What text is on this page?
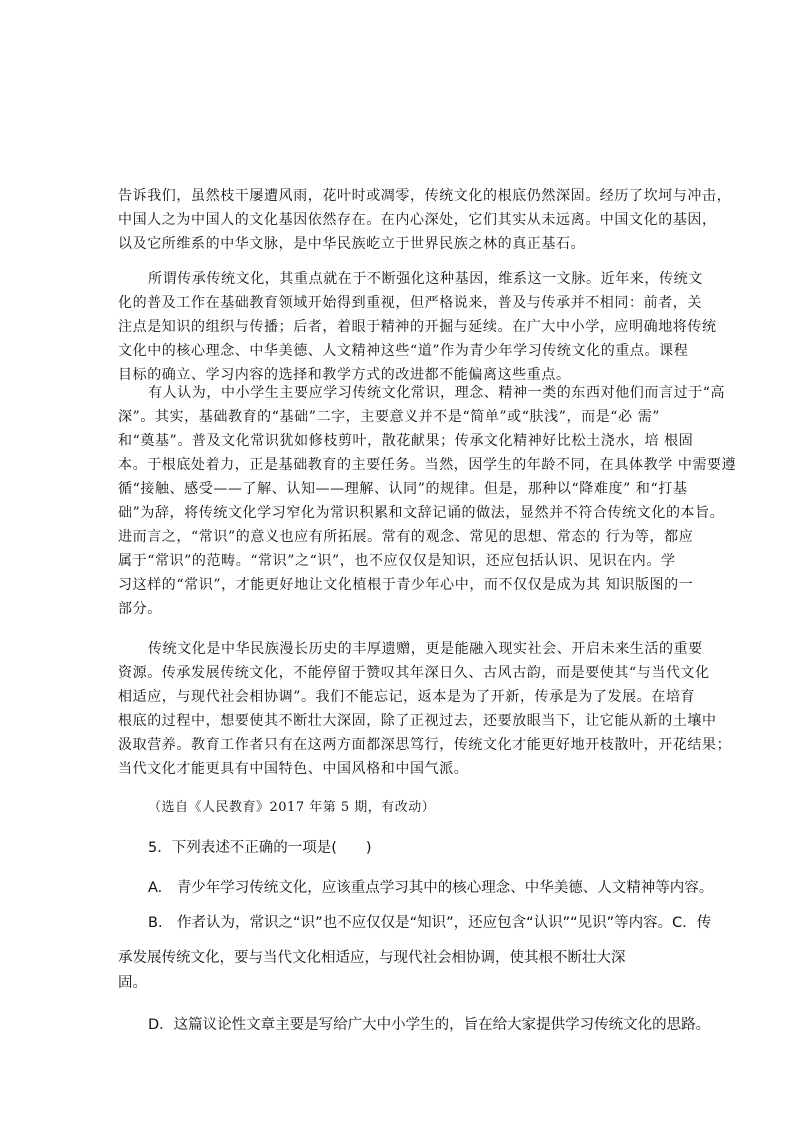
告诉我们，虽然枝干屡遭风雨，花叶时或凋零，传统文化的根底仍然深固。经历了坎坷与冲击，
中国人之为中国人的文化基因依然存在。在内心深处，它们其实从未远离。中国文化的基因，
以及它所维系的中华文脉，是中华民族屹立于世界民族之林的真正基石。
所谓传承传统文化，其重点就在于不断强化这种基因，维系这一文脉。近年来，传统文
化的普及工作在基础教育领域开始得到重视，但严格说来，普及与传承并不相同：前者，关
注点是知识的组织与传播；后者，着眼于精神的开掘与延续。在广大中小学，应明确地将传统
文化中的核心理念、中华美德、人文精神这些“道”作为青少年学习传统文化的重点。课程
目标的确立、学习内容的选择和教学方式的改进都不能偏离这些重点。
有人认为，中小学生主要应学习传统文化常识，理念、精神一类的东西对他们而言过于“高
深”。其实，基础教育的“基础”二字，主要意义并不是“简单”或“肤浅”，而是“必 需”
和“奠基”。普及文化常识犹如修枝剪叶，散花献果；传承文化精神好比松土浇水，培 根固
本。于根底处着力，正是基础教育的主要任务。当然，因学生的年龄不同，在具体教学 中需要遵
循“接触、感受——了解、认知——理解、认同”的规律。但是，那种以“降难度” 和“打基
础”为辞，将传统文化学习窄化为常识积累和文辞记诵的做法，显然并不符合传统文化的本旨。
进而言之，“常识”的意义也应有所拓展。常有的观念、常见的思想、常态的 行为等，都应
属于“常识”的范畴。“常识”之“识”，也不应仅仅是知识，还应包括认识、见识在内。学
习这样的“常识”，才能更好地让文化植根于青少年心中，而不仅仅是成为其 知识版图的一
部分。
传统文化是中华民族漫长历史的丰厚遗赠，更是能融入现实社会、开启未来生活的重要
资源。传承发展传统文化，不能停留于赞叹其年深日久、古风古韵，而是要使其“与当代文化
相适应，与现代社会相协调”。我们不能忘记，返本是为了开新，传承是为了发展。在培育
根底的过程中，想要使其不断壮大深固，除了正视过去，还要放眼当下，让它能从新的土壤中
汲取营养。教育工作者只有在这两方面都深思笃行，传统文化才能更好地开枝散叶，开花结果；
当代文化才能更具有中国特色、中国风格和中国气派。

（选自《人民教育》2017 年第 5 期，有改动）

5．下列表述不正确的一项是(　　)

A.　青少年学习传统文化，应该重点学习其中的核心理念、中华美德、人文精神等内容。

B.　作者认为，常识之“识”也不应仅仅是“知识”，还应包含“认识”“见识”等内容。C．传

承发展传统文化，要与当代文化相适应，与现代社会相协调，使其根不断壮大深

固。

D．这篇议论性文章主要是写给广大中小学生的，旨在给大家提供学习传统文化的思路。
